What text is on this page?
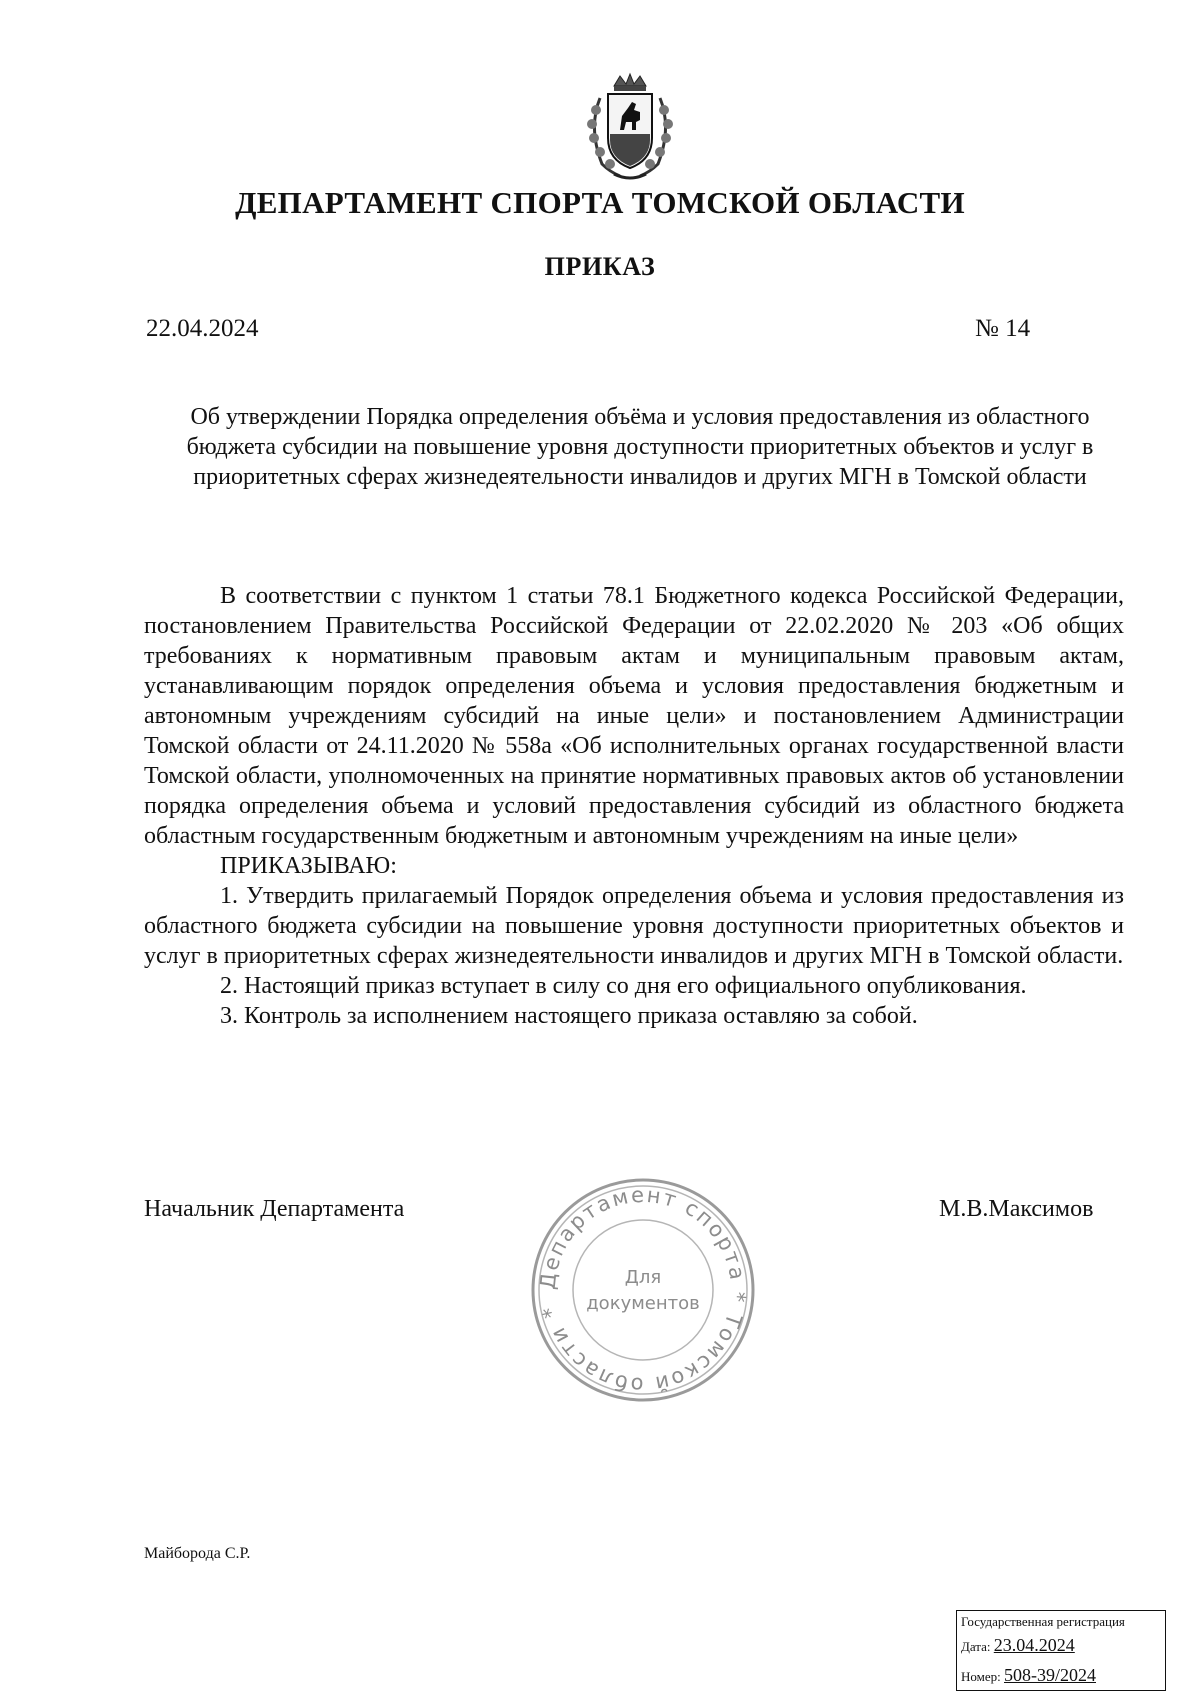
ДЕПАРТАМЕНТ СПОРТА ТОМСКОЙ ОБЛАСТИ
ПРИКАЗ
22.04.2024	№ 14
Об утверждении Порядка определения объёма и условия предоставления из областного бюджета субсидии на повышение уровня доступности приоритетных объектов и услуг в приоритетных сферах жизнедеятельности инвалидов и других МГН в Томской области

В соответствии с пунктом 1 статьи 78.1 Бюджетного кодекса Российской Федерации, постановлением Правительства Российской Федерации от 22.02.2020 № 203 «Об общих требованиях к нормативным правовым актам и муниципальным правовым актам, устанавливающим порядок определения объема и условия предоставления бюджетным и автономным учреждениям субсидий на иные цели» и постановлением Администрации Томской области от 24.11.2020 № 558а «Об исполнительных органах государственной власти Томской области, уполномоченных на принятие нормативных правовых актов об установлении порядка определения объема и условий предоставления субсидий из областного бюджета областным государственным бюджетным и автономным учреждениям на иные цели»

ПРИКАЗЫВАЮ:

1. Утвердить прилагаемый Порядок определения объема и условия предоставления из областного бюджета субсидии на повышение уровня доступности приоритетных объектов и услуг в приоритетных сферах жизнедеятельности инвалидов и других МГН в Томской области.

2. Настоящий приказ вступает в силу со дня его официального опубликования.

3. Контроль за исполнением настоящего приказа оставляю за собой.

Начальник Департамента	М.В.Максимов
Департамент спорта * Томской области *
Для
документов
Майборода С.Р.
Государственная регистрация
Дата: 23.04.2024
Номер: 508-39/2024
